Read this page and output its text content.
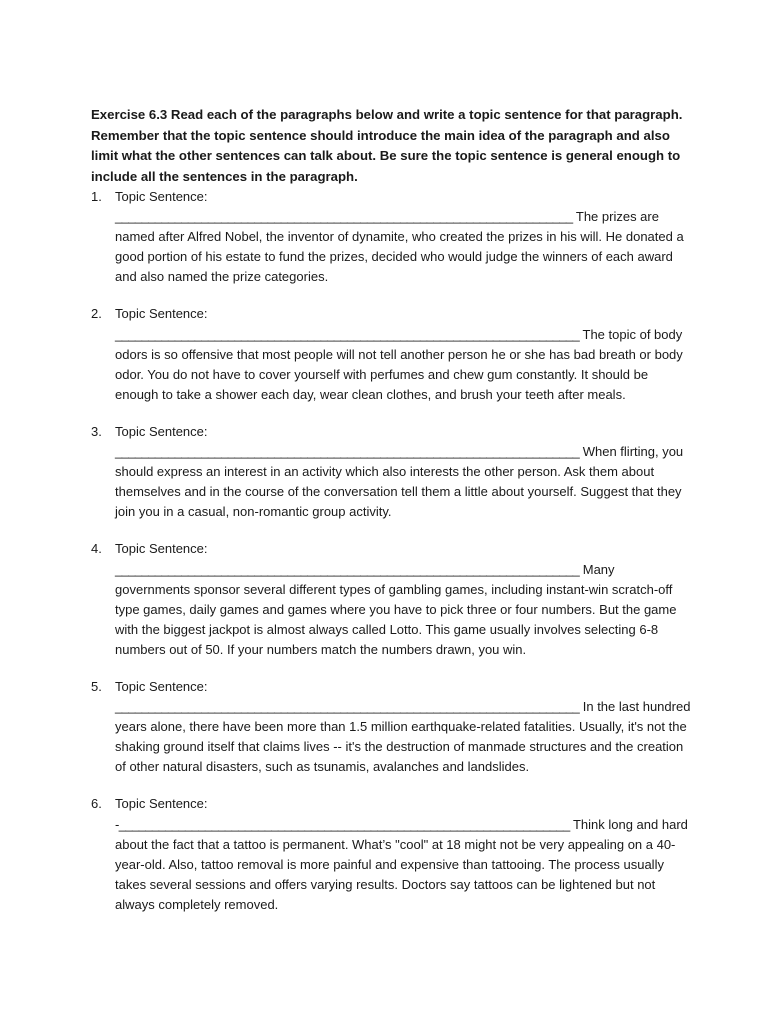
Exercise 6.3 Read each of the paragraphs below and write a topic sentence for that paragraph. Remember that the topic sentence should introduce the main idea of the paragraph and also limit what the other sentences can talk about. Be sure the topic sentence is general enough to include all the sentences in the paragraph.

1. Topic Sentence:
_____________________________________________________________________ The prizes are named after Alfred Nobel, the inventor of dynamite, who created the prizes in his will. He donated a good portion of his estate to fund the prizes, decided who would judge the winners of each award and also named the prize categories.
2. Topic Sentence:
______________________________________________________________________ The topic of body odors is so offensive that most people will not tell another person he or she has bad breath or body odor. You do not have to cover yourself with perfumes and chew gum constantly. It should be enough to take a shower each day, wear clean clothes, and brush your teeth after meals.
3. Topic Sentence:
______________________________________________________________________ When flirting, you should express an interest in an activity which also interests the other person. Ask them about themselves and in the course of the conversation tell them a little about yourself. Suggest that they join you in a casual, non-romantic group activity.
4. Topic Sentence:
______________________________________________________________________ Many governments sponsor several different types of gambling games, including instant-win scratch-off type games, daily games and games where you have to pick three or four numbers. But the game with the biggest jackpot is almost always called Lotto. This game usually involves selecting 6-8 numbers out of 50. If your numbers match the numbers drawn, you win.
5. Topic Sentence:
______________________________________________________________________ In the last hundred years alone, there have been more than 1.5 million earthquake-related fatalities. Usually, it's not the shaking ground itself that claims lives -- it's the destruction of manmade structures and the creation of other natural disasters, such as tsunamis, avalanches and landslides.
6. Topic Sentence:
-____________________________________________________________________ Think long and hard about the fact that a tattoo is permanent. What’s "cool" at 18 might not be very appealing on a 40-year-old. Also, tattoo removal is more painful and expensive than tattooing. The process usually takes several sessions and offers varying results. Doctors say tattoos can be lightened but not always completely removed.
